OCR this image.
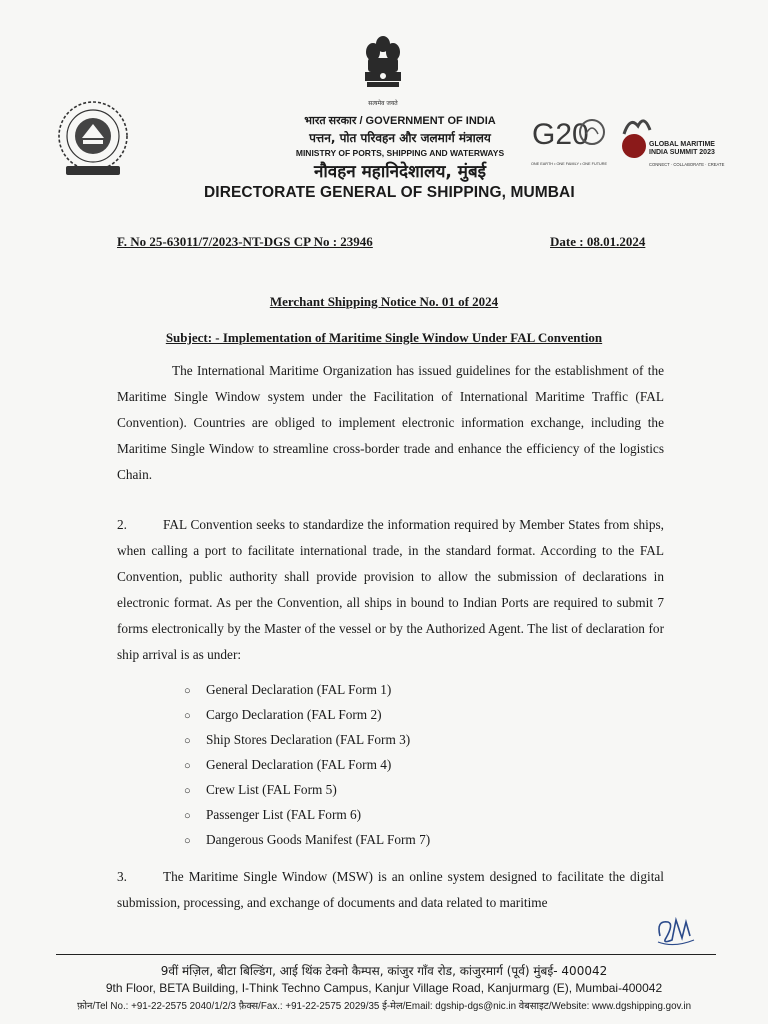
सत्यमेव जयते
भारत सरकार / GOVERNMENT OF INDIA
पत्तन, पोत परिवहन और जलमार्ग मंत्रालय
MINISTRY OF PORTS, SHIPPING AND WATERWAYS
नौवहन महानिदेशालय, मुंबई
G20
ONE EARTH • ONE FAMILY • ONE FUTURE
GLOBAL MARITIME
INDIA SUMMIT 2023
CONNECT · COLLABORATE · CREATE
DIRECTORATE GENERAL OF SHIPPING, MUMBAI
F. No 25-63011/7/2023-NT-DGS CP No : 23946	Date : 08.01.2024
Merchant Shipping Notice No. 01 of 2024
Subject: - Implementation of Maritime Single Window Under FAL Convention
The International Maritime Organization has issued guidelines for the establishment of the Maritime Single Window system under the Facilitation of International Maritime Traffic (FAL Convention). Countries are obliged to implement electronic information exchange, including the Maritime Single Window to streamline cross-border trade and enhance the efficiency of the logistics Chain.
2.	FAL Convention seeks to standardize the information required by Member States from ships, when calling a port to facilitate international trade, in the standard format. According to the FAL Convention, public authority shall provide provision to allow the submission of declarations in electronic format. As per the Convention, all ships in bound to Indian Ports are required to submit 7 forms electronically by the Master of the vessel or by the Authorized Agent. The list of declaration for ship arrival is as under:
○ General Declaration (FAL Form 1)
○ Cargo Declaration (FAL Form 2)
○ Ship Stores Declaration (FAL Form 3)
○ General Declaration (FAL Form 4)
○ Crew List (FAL Form 5)
○ Passenger List (FAL Form 6)
○ Dangerous Goods Manifest (FAL Form 7)
3.	The Maritime Single Window (MSW) is an online system designed to facilitate the digital submission, processing, and exchange of documents and data related to maritime
9वीं मंज़िल, बीटा बिल्डिंग, आई थिंक टेक्नो कैम्पस, कांजुर गाँव रोड, कांजुरमार्ग (पूर्व) मुंबई- 400042
9th Floor, BETA Building, I-Think Techno Campus, Kanjur Village Road, Kanjurmarg (E), Mumbai-400042
फ़ोन/Tel No.: +91-22-2575 2040/1/2/3 फ़ैक्स/Fax.: +91-22-2575 2029/35 ई-मेल/Email: dgship-dgs@nic.in वेबसाइट/Website: www.dgshipping.gov.in
